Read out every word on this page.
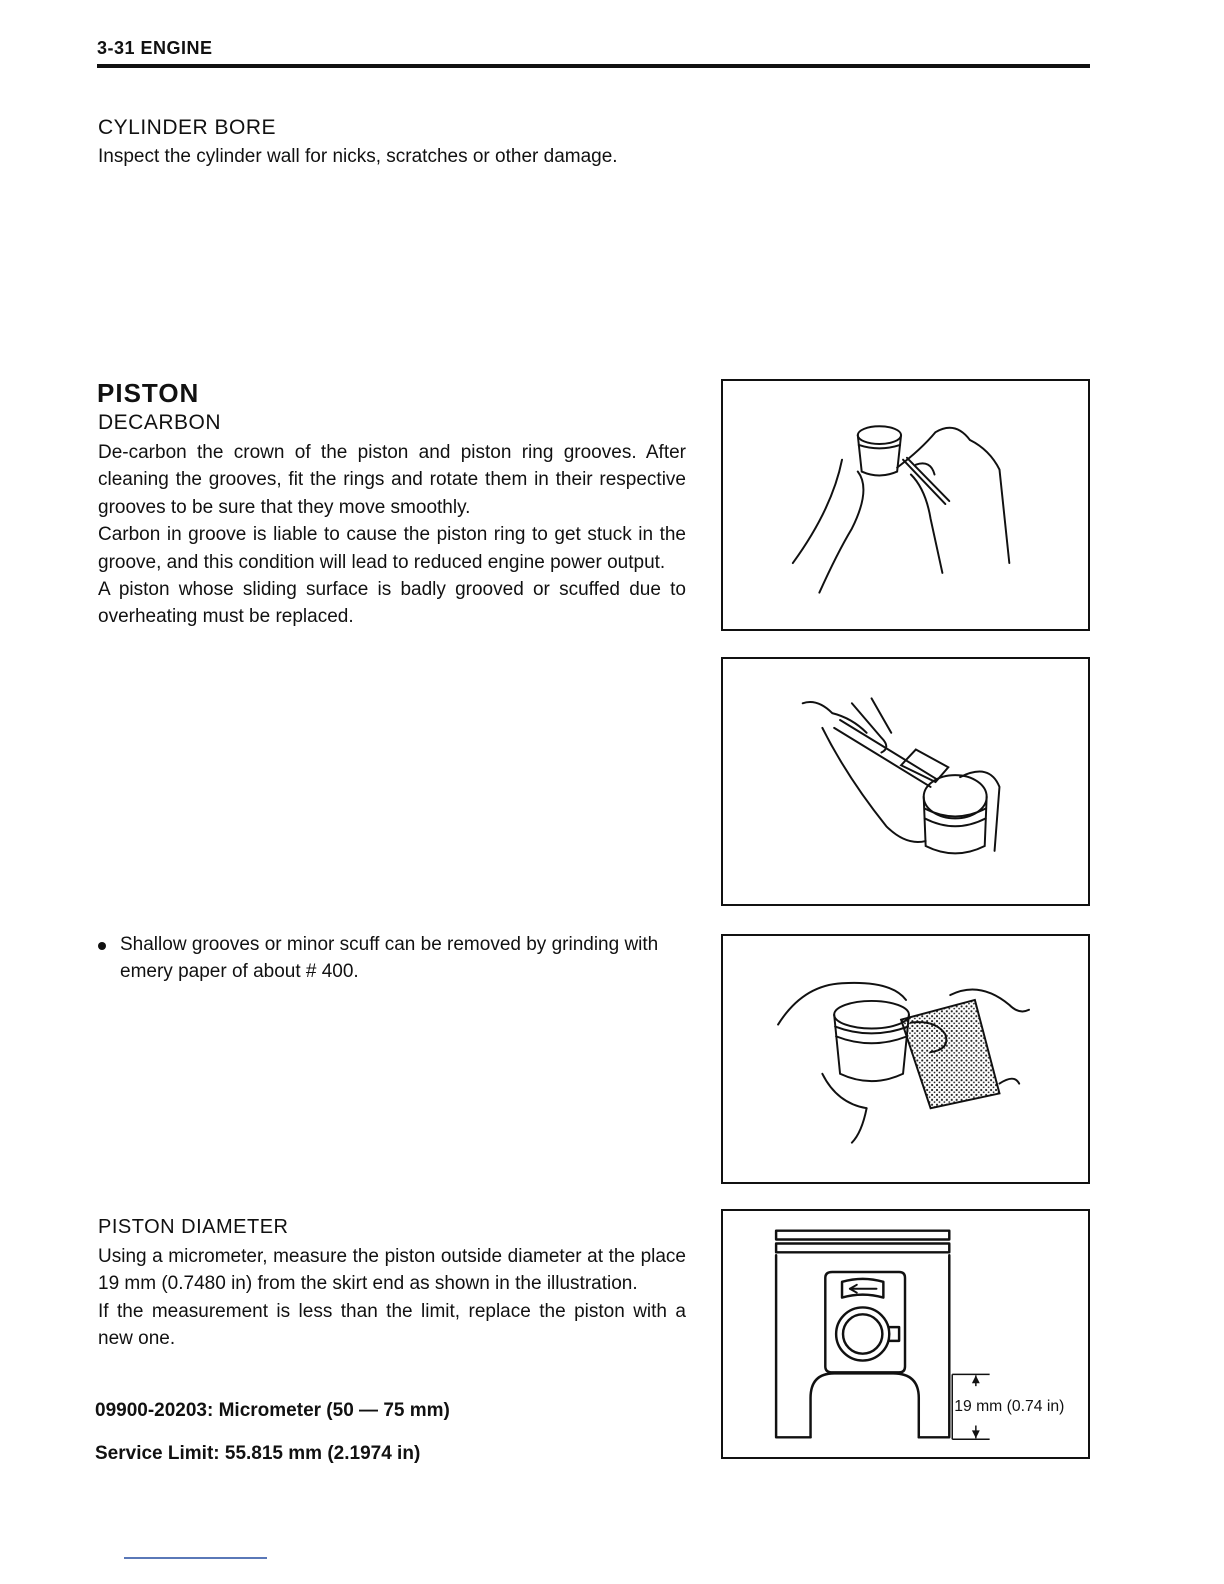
3-31 ENGINE
CYLINDER BORE

Inspect the cylinder wall for nicks, scratches or other damage.

PISTON
DECARBON

De-carbon the crown of the piston and piston ring grooves. After cleaning the grooves, fit the rings and rotate them in their respective grooves to be sure that they move smoothly.

Carbon in groove is liable to cause the piston ring to get stuck in the groove, and this condition will lead to reduced engine power output.

A piston whose sliding surface is badly grooved or scuffed due to overheating must be replaced.

Shallow grooves or minor scuff can be removed by grinding with emery paper of about # 400.
PISTON DIAMETER

Using a micrometer, measure the piston outside diameter at the place 19 mm (0.7480 in) from the skirt end as shown in the illustration.

If the measurement is less than the limit, replace the piston with a new one.

09900-20203: Micrometer (50 — 75 mm)
Service Limit: 55.815 mm (2.1974 in)
19 mm (0.74 in)
